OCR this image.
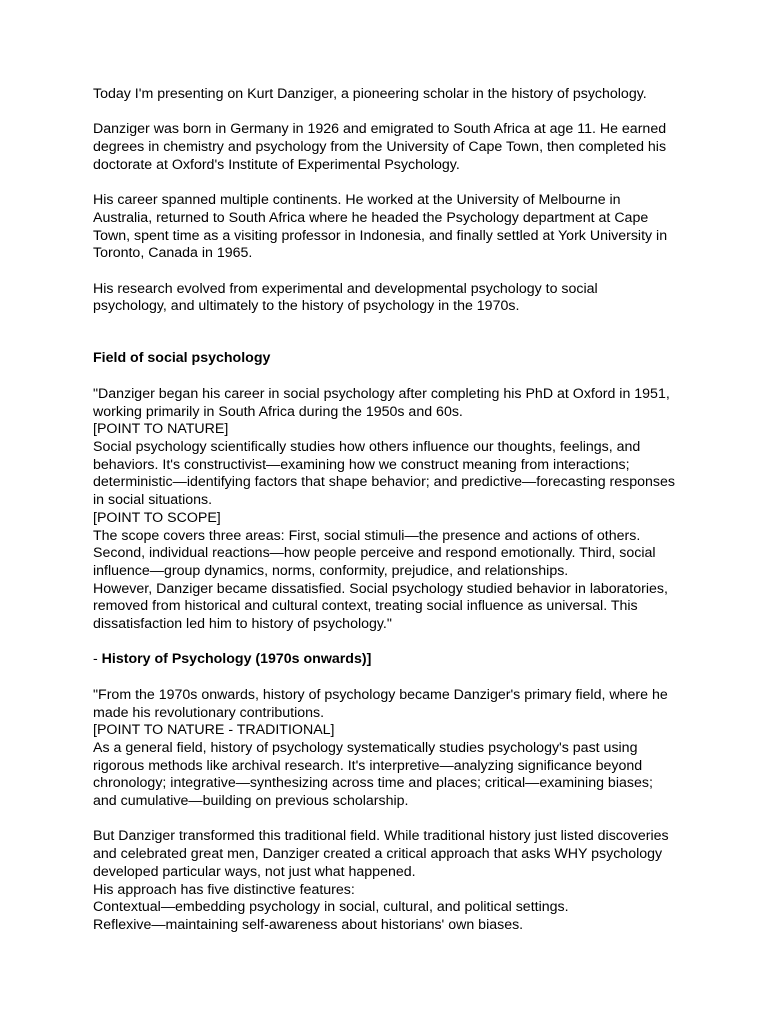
Today I'm presenting on Kurt Danziger, a pioneering scholar in the history of psychology.

Danziger was born in Germany in 1926 and emigrated to South Africa at age 11. He earned
degrees in chemistry and psychology from the University of Cape Town, then completed his
doctorate at Oxford's Institute of Experimental Psychology.

His career spanned multiple continents. He worked at the University of Melbourne in
Australia, returned to South Africa where he headed the Psychology department at Cape
Town, spent time as a visiting professor in Indonesia, and finally settled at York University in
Toronto, Canada in 1965.

His research evolved from experimental and developmental psychology to social
psychology, and ultimately to the history of psychology in the 1970s.

Field of social psychology

"Danziger began his career in social psychology after completing his PhD at Oxford in 1951,
working primarily in South Africa during the 1950s and 60s.

[POINT TO NATURE]

Social psychology scientifically studies how others influence our thoughts, feelings, and
behaviors. It's constructivist—examining how we construct meaning from interactions;
deterministic—identifying factors that shape behavior; and predictive—forecasting responses
in social situations.

[POINT TO SCOPE]

The scope covers three areas: First, social stimuli—the presence and actions of others.
Second, individual reactions—how people perceive and respond emotionally. Third, social
influence—group dynamics, norms, conformity, prejudice, and relationships.

However, Danziger became dissatisfied. Social psychology studied behavior in laboratories,
removed from historical and cultural context, treating social influence as universal. This
dissatisfaction led him to history of psychology."

- History of Psychology (1970s onwards)]

"From the 1970s onwards, history of psychology became Danziger's primary field, where he
made his revolutionary contributions.

[POINT TO NATURE - TRADITIONAL]

As a general field, history of psychology systematically studies psychology's past using
rigorous methods like archival research. It's interpretive—analyzing significance beyond
chronology; integrative—synthesizing across time and places; critical—examining biases;
and cumulative—building on previous scholarship.

But Danziger transformed this traditional field. While traditional history just listed discoveries
and celebrated great men, Danziger created a critical approach that asks WHY psychology
developed particular ways, not just what happened.

His approach has five distinctive features:

Contextual—embedding psychology in social, cultural, and political settings.

Reflexive—maintaining self-awareness about historians' own biases.
